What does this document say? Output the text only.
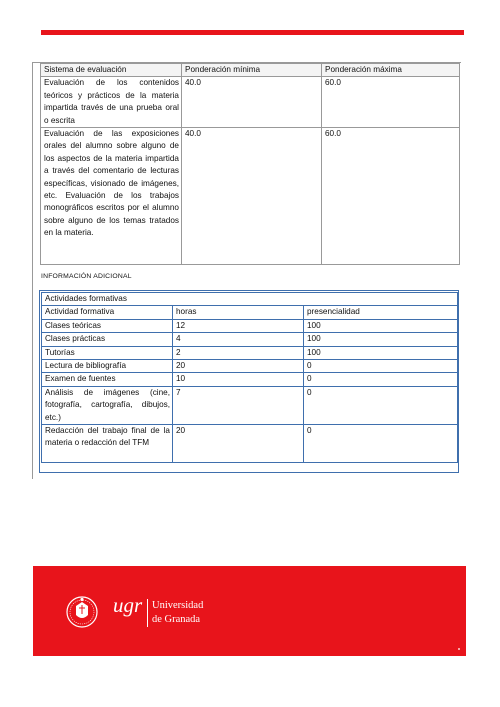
Sistema de evaluación	Ponderación mínima	Ponderación máxima
Evaluación de los contenidos teóricos y prácticos de la materia impartida través de una prueba oral o escrita	40.0	60.0
Evaluación de las exposiciones orales del alumno sobre alguno de los aspectos de la materia impartida a través del comentario de lecturas específicas, visionado de imágenes, etc. Evaluación de los trabajos monográficos escritos por el alumno sobre alguno de los temas tratados en la materia.	40.0	60.0
INFORMACIÓN ADICIONAL
Actividades formativas		
Actividad formativa	horas	presencialidad
Clases teóricas	12	100
Clases prácticas	4	100
Tutorías	2	100
Lectura de bibliografía	20	0
Examen de fuentes	10	0
Análisis de imágenes (cine, fotografía, cartografía, dibujos, etc.)	7	0
Redacción del trabajo final de la materia o redacción del TFM	20	0
ugr Universidad
de Granada
